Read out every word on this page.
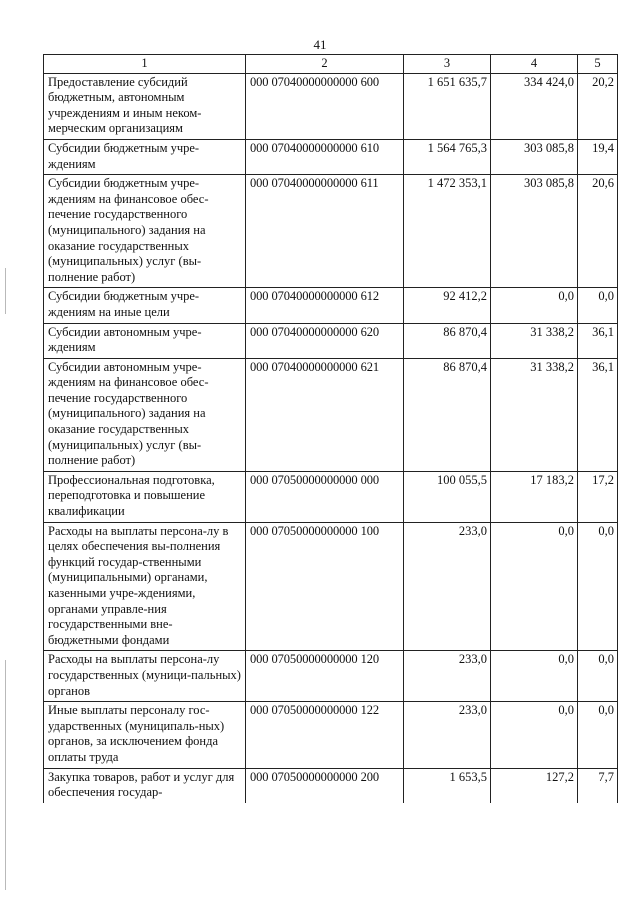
41
1	2	3	4	5
Предоставление субсидий бюджетным, автономным учреждениям и иным неком-мерческим организациям	000 07040000000000 600	1 651 635,7	334 424,0	20,2
Субсидии бюджетным учре-ждениям	000 07040000000000 610	1 564 765,3	303 085,8	19,4
Субсидии бюджетным учре-ждениям на финансовое обес-печение государственного (муниципального) задания на оказание государственных (муниципальных) услуг (вы-полнение работ)	000 07040000000000 611	1 472 353,1	303 085,8	20,6
Субсидии бюджетным учре-ждениям на иные цели	000 07040000000000 612	92 412,2	0,0	0,0
Субсидии автономным учре-ждениям	000 07040000000000 620	86 870,4	31 338,2	36,1
Субсидии автономным учре-ждениям на финансовое обес-печение государственного (муниципального) задания на оказание государственных (муниципальных) услуг (вы-полнение работ)	000 07040000000000 621	86 870,4	31 338,2	36,1
Профессиональная подготовка, переподготовка и повышение квалификации	000 07050000000000 000	100 055,5	17 183,2	17,2
Расходы на выплаты персона-лу в целях обеспечения вы-полнения функций государ-ственными (муниципальными) органами, казенными учре-ждениями, органами управле-ния государственными вне-бюджетными фондами	000 07050000000000 100	233,0	0,0	0,0
Расходы на выплаты персона-лу государственных (муници-пальных) органов	000 07050000000000 120	233,0	0,0	0,0
Иные выплаты персоналу гос-ударственных (муниципаль-ных) органов, за исключением фонда оплаты труда	000 07050000000000 122	233,0	0,0	0,0
Закупка товаров, работ и услуг для обеспечения государ-	000 07050000000000 200	1 653,5	127,2	7,7
